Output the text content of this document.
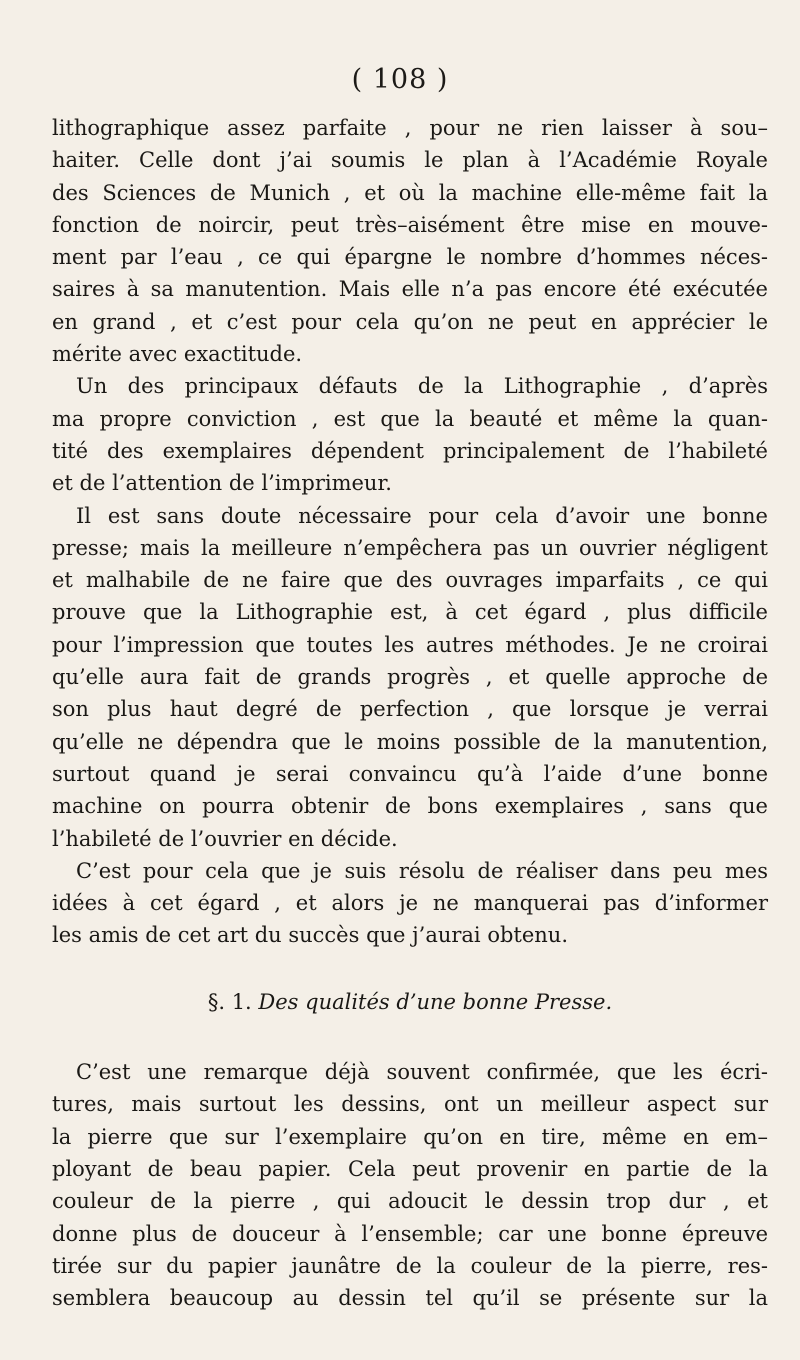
( 108 )
lithographique assez parfaite , pour ne rien laisser à sou–
haiter. Celle dont j’ai soumis le plan à l’Académie Royale
des Sciences de Munich , et où la machine elle-même fait la
fonction de noircir, peut très–aisément être mise en mouve-
ment par l’eau , ce qui épargne le nombre d’hommes néces-
saires à sa manutention. Mais elle n’a pas encore été exécutée
en grand , et c’est pour cela qu’on ne peut en apprécier le
mérite avec exactitude.
Un des principaux défauts de la Lithographie , d’après
ma propre conviction , est que la beauté et même la quan-
tité des exemplaires dépendent principalement de l’habileté
et de l’attention de l’imprimeur.
Il est sans doute nécessaire pour cela d’avoir une bonne
presse; mais la meilleure n’empêchera pas un ouvrier négligent
et malhabile de ne faire que des ouvrages imparfaits , ce qui
prouve que la Lithographie est, à cet égard , plus difficile
pour l’impression que toutes les autres méthodes. Je ne croirai
qu’elle aura fait de grands progrès , et quelle approche de
son plus haut degré de perfection , que lorsque je verrai
qu’elle ne dépendra que le moins possible de la manutention,
surtout quand je serai convaincu qu’à l’aide d’une bonne
machine on pourra obtenir de bons exemplaires , sans que
l’habileté de l’ouvrier en décide.
C’est pour cela que je suis résolu de réaliser dans peu mes
idées à cet égard , et alors je ne manquerai pas d’informer
les amis de cet art du succès que j’aurai obtenu.
§. 1. Des qualités d’une bonne Presse.
C’est une remarque déjà souvent confirmée, que les écri-
tures, mais surtout les dessins, ont un meilleur aspect sur
la pierre que sur l’exemplaire qu’on en tire, même en em–
ployant de beau papier. Cela peut provenir en partie de la
couleur de la pierre , qui adoucit le dessin trop dur , et
donne plus de douceur à l’ensemble; car une bonne épreuve
tirée sur du papier jaunâtre de la couleur de la pierre, res-
semblera beaucoup au dessin tel qu’il se présente sur la
